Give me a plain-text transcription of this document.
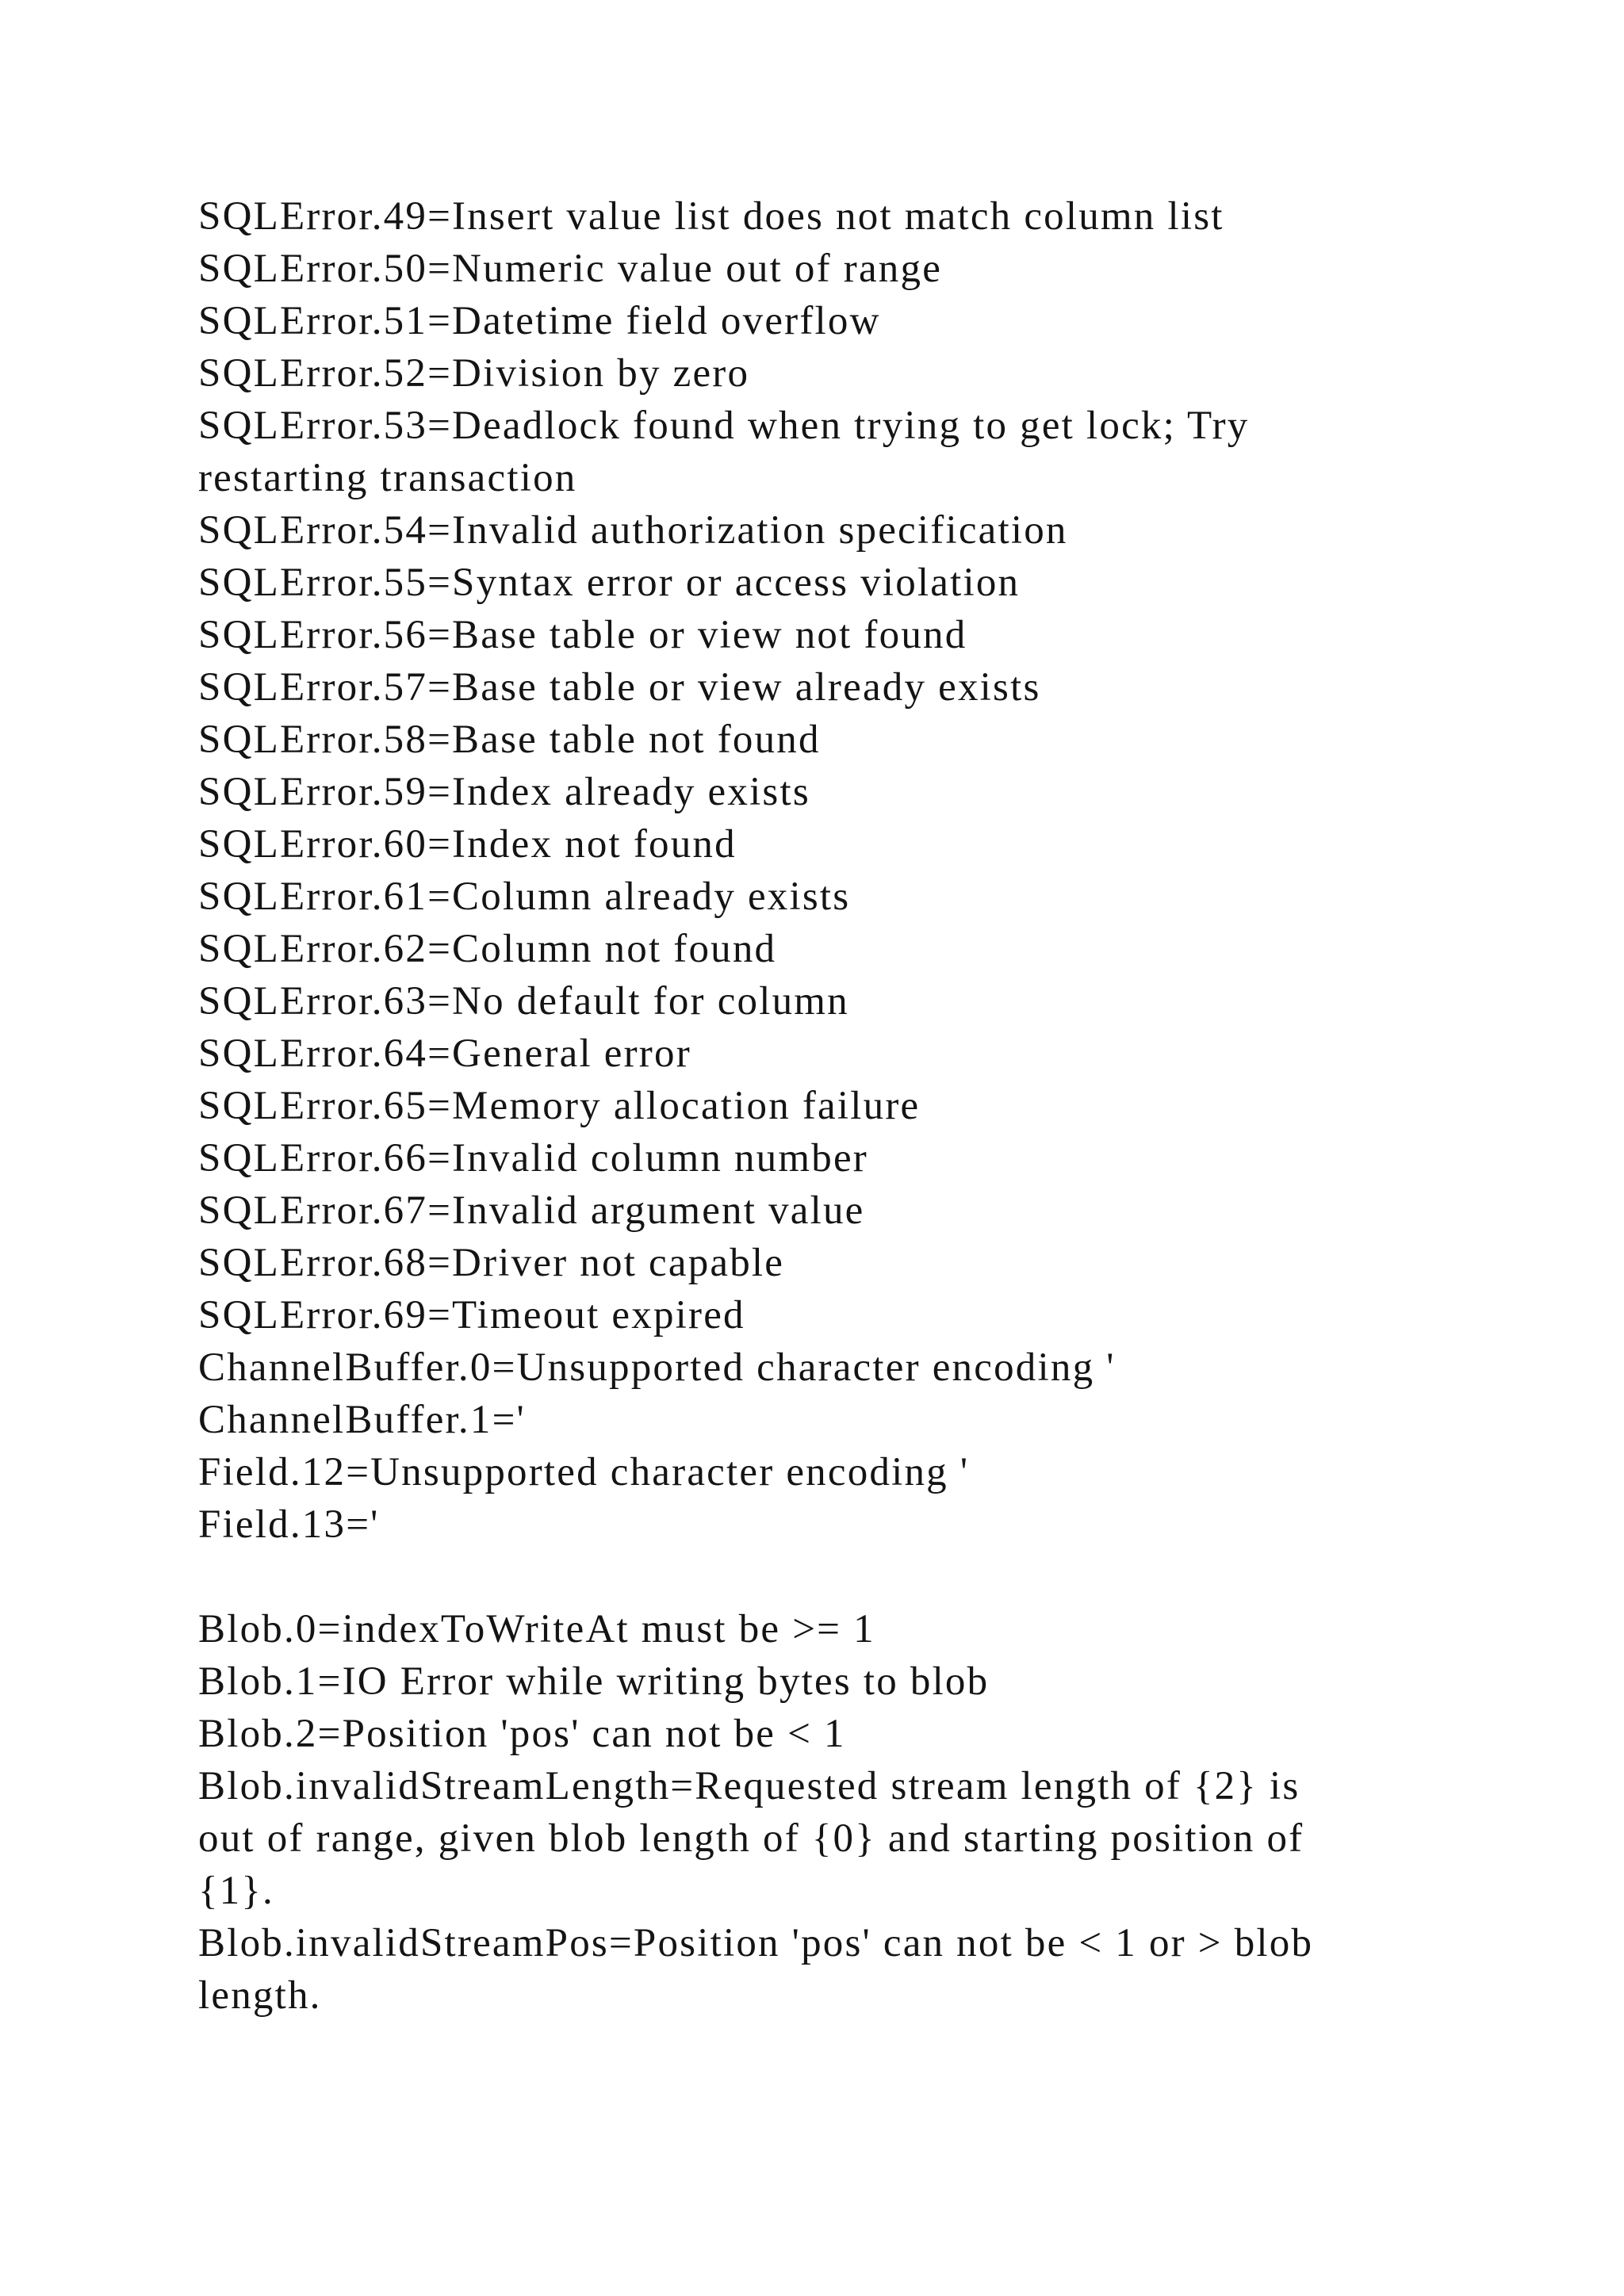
SQLError.49=Insert value list does not match column list
SQLError.50=Numeric value out of range
SQLError.51=Datetime field overflow
SQLError.52=Division by zero
SQLError.53=Deadlock found when trying to get lock; Try
restarting transaction
SQLError.54=Invalid authorization specification
SQLError.55=Syntax error or access violation
SQLError.56=Base table or view not found
SQLError.57=Base table or view already exists
SQLError.58=Base table not found
SQLError.59=Index already exists
SQLError.60=Index not found
SQLError.61=Column already exists
SQLError.62=Column not found
SQLError.63=No default for column
SQLError.64=General error
SQLError.65=Memory allocation failure
SQLError.66=Invalid column number
SQLError.67=Invalid argument value
SQLError.68=Driver not capable
SQLError.69=Timeout expired
ChannelBuffer.0=Unsupported character encoding '
ChannelBuffer.1='
Field.12=Unsupported character encoding '
Field.13='
Blob.0=indexToWriteAt must be >= 1
Blob.1=IO Error while writing bytes to blob
Blob.2=Position 'pos' can not be < 1
Blob.invalidStreamLength=Requested stream length of {2} is
out of range, given blob length of {0} and starting position of
{1}.
Blob.invalidStreamPos=Position 'pos' can not be < 1 or > blob
length.
